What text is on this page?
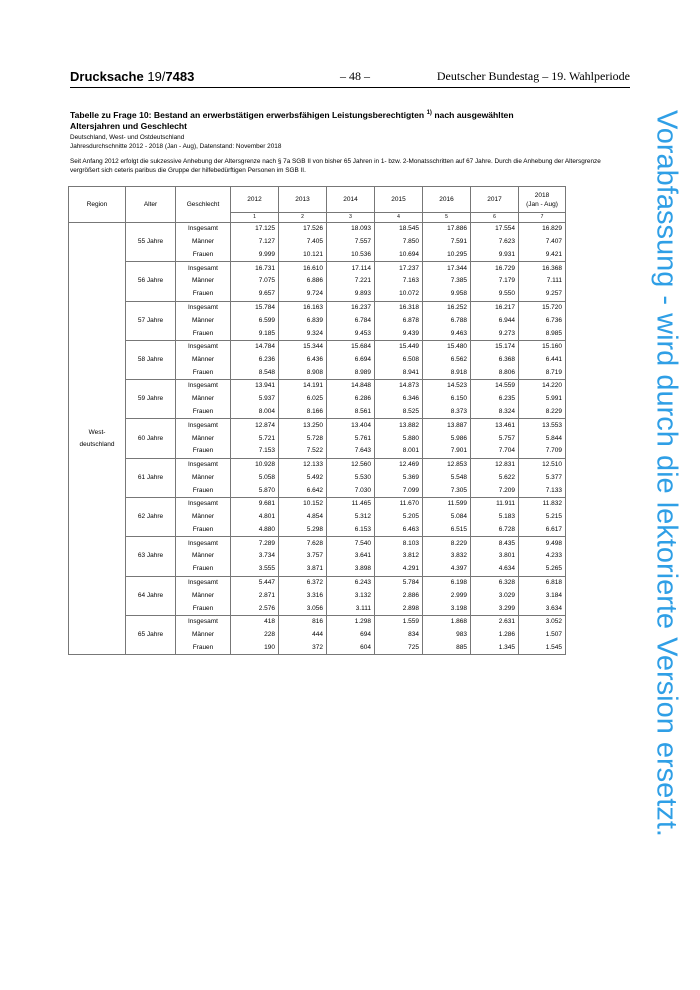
Drucksache 19/7483	– 48 –	Deutscher Bundestag – 19. Wahlperiode
Vorabfassung - wird durch die lektorierte Version ersetzt.
Tabelle zu Frage 10: Bestand an erwerbstätigen erwerbsfähigen Leistungsberechtigten $^{1)}$ nach ausgewählten
Altersjahren und Geschlecht
Deutschland, West- und Ostdeutschland
Jahresdurchschnitte 2012 - 2018 (Jan - Aug), Datenstand: November 2018
Seit Anfang 2012 erfolgt die sukzessive Anhebung der Altersgrenze nach § 7a SGB II von bisher 65 Jahren in 1- bzw. 2-Monatsschritten auf 67 Jahre. Durch die Anhebung der Altersgrenze vergrößert sich ceteris paribus die Gruppe der hilfebedürftigen Personen im SGB II.
Region	Alter	Geschlecht	2012	2013	2014	2015	2016	2017	2018
(Jan - Aug)
			1	2	3	4	5	6	7
West-
deutschland	55 Jahre	Insgesamt	17.125	17.526	18.093	18.545	17.886	17.554	16.829
		Männer	7.127	7.405	7.557	7.850	7.591	7.623	7.407
		Frauen	9.999	10.121	10.536	10.694	10.295	9.931	9.421
	56 Jahre	Insgesamt	16.731	16.610	17.114	17.237	17.344	16.729	16.368
		Männer	7.075	6.886	7.221	7.163	7.385	7.179	7.111
		Frauen	9.657	9.724	9.893	10.072	9.958	9.550	9.257
	57 Jahre	Insgesamt	15.784	16.163	16.237	16.318	16.252	16.217	15.720
		Männer	6.599	6.839	6.784	6.878	6.788	6.944	6.736
		Frauen	9.185	9.324	9.453	9.439	9.463	9.273	8.985
	58 Jahre	Insgesamt	14.784	15.344	15.684	15.449	15.480	15.174	15.160
		Männer	6.236	6.436	6.694	6.508	6.562	6.368	6.441
		Frauen	8.548	8.908	8.989	8.941	8.918	8.806	8.719
	59 Jahre	Insgesamt	13.941	14.191	14.848	14.873	14.523	14.559	14.220
		Männer	5.937	6.025	6.286	6.346	6.150	6.235	5.991
		Frauen	8.004	8.166	8.561	8.525	8.373	8.324	8.229
	60 Jahre	Insgesamt	12.874	13.250	13.404	13.882	13.887	13.461	13.553
		Männer	5.721	5.728	5.761	5.880	5.986	5.757	5.844
		Frauen	7.153	7.522	7.643	8.001	7.901	7.704	7.709
	61 Jahre	Insgesamt	10.928	12.133	12.560	12.469	12.853	12.831	12.510
		Männer	5.058	5.492	5.530	5.369	5.548	5.622	5.377
		Frauen	5.870	6.642	7.030	7.099	7.305	7.209	7.133
	62 Jahre	Insgesamt	9.681	10.152	11.465	11.670	11.599	11.911	11.832
		Männer	4.801	4.854	5.312	5.205	5.084	5.183	5.215
		Frauen	4.880	5.298	6.153	6.463	6.515	6.728	6.617
	63 Jahre	Insgesamt	7.289	7.628	7.540	8.103	8.229	8.435	9.498
		Männer	3.734	3.757	3.641	3.812	3.832	3.801	4.233
		Frauen	3.555	3.871	3.898	4.291	4.397	4.634	5.265
	64 Jahre	Insgesamt	5.447	6.372	6.243	5.784	6.198	6.328	6.818
		Männer	2.871	3.316	3.132	2.886	2.999	3.029	3.184
		Frauen	2.576	3.056	3.111	2.898	3.198	3.299	3.634
	65 Jahre	Insgesamt	418	816	1.298	1.559	1.868	2.631	3.052
		Männer	228	444	694	834	983	1.286	1.507
		Frauen	190	372	604	725	885	1.345	1.545
